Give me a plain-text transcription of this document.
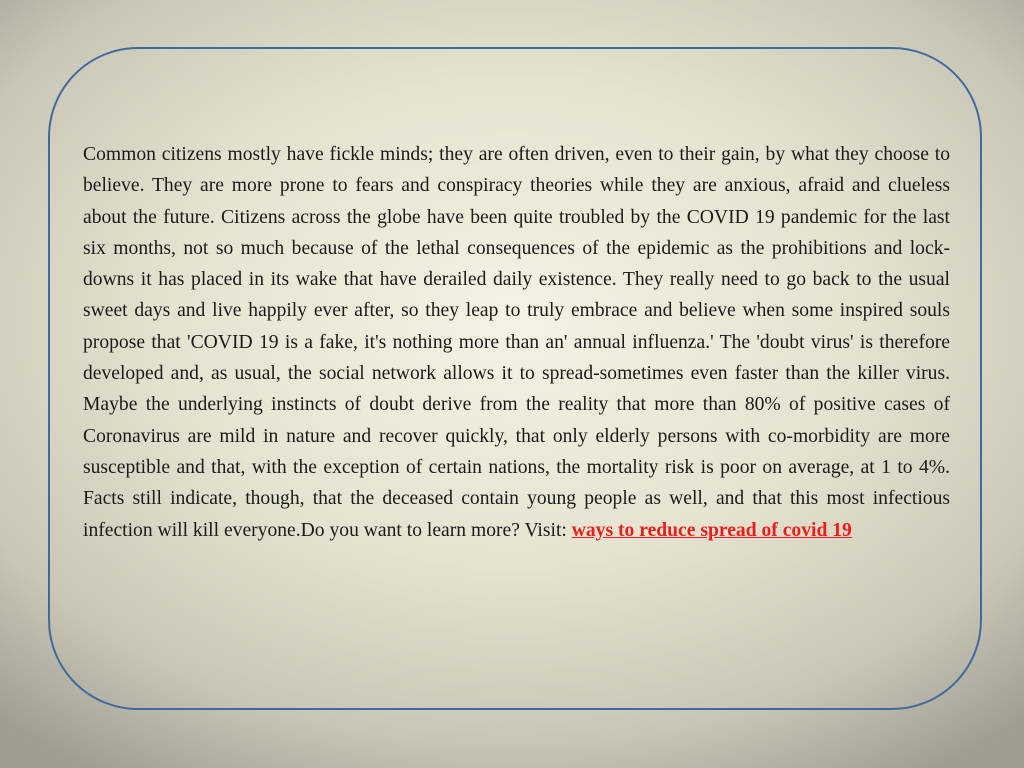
Common citizens mostly have fickle minds; they are often driven, even to their gain, by what they choose to believe. They are more prone to fears and conspiracy theories while they are anxious, afraid and clueless about the future. Citizens across the globe have been quite troubled by the COVID 19 pandemic for the last six months, not so much because of the lethal consequences of the epidemic as the prohibitions and lock-downs it has placed in its wake that have derailed daily existence. They really need to go back to the usual sweet days and live happily ever after, so they leap to truly embrace and believe when some inspired souls propose that 'COVID 19 is a fake, it's nothing more than an' annual influenza.' The 'doubt virus' is therefore developed and, as usual, the social network allows it to spread-sometimes even faster than the killer virus. Maybe the underlying instincts of doubt derive from the reality that more than 80% of positive cases of Coronavirus are mild in nature and recover quickly, that only elderly persons with co-morbidity are more susceptible and that, with the exception of certain nations, the mortality risk is poor on average, at 1 to 4%. Facts still indicate, though, that the deceased contain young people as well, and that this most infectious infection will kill everyone.Do you want to learn more? Visit: ways to reduce spread of covid 19
